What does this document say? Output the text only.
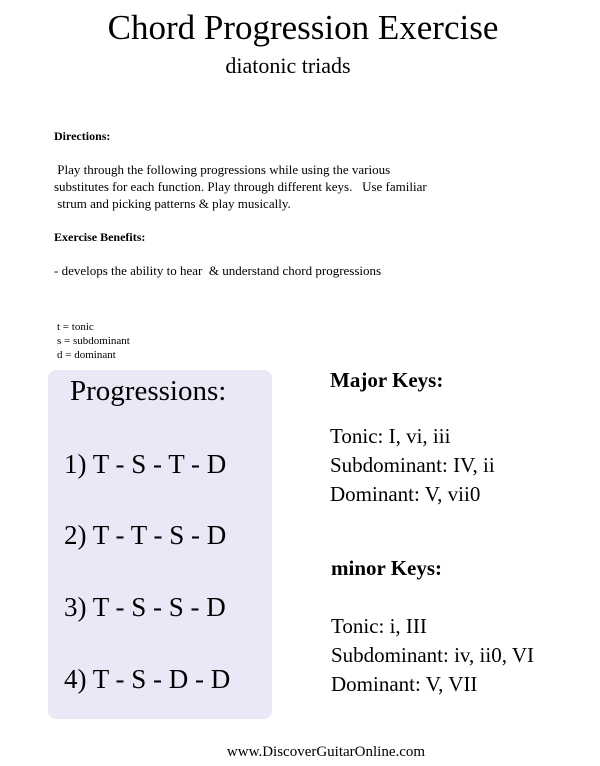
Chord Progression Exercise
diatonic triads
Directions:
Play through the following progressions while using the various
substitutes for each function. Play through different keys.   Use familiar
strum and picking patterns & play musically.
Exercise Benefits:
- develops the ability to hear  & understand chord progressions
t = tonic
s = subdominant
d = dominant
Progressions:
1) T - S - T - D
2) T - T - S - D
3) T - S - S - D
4) T - S - D - D
Major Keys:
Tonic: I, vi, iii
Subdominant: IV, ii
Dominant: V, vii0
minor Keys:
Tonic: i, III
Subdominant: iv, ii0, VI
Dominant: V, VII
www.DiscoverGuitarOnline.com
